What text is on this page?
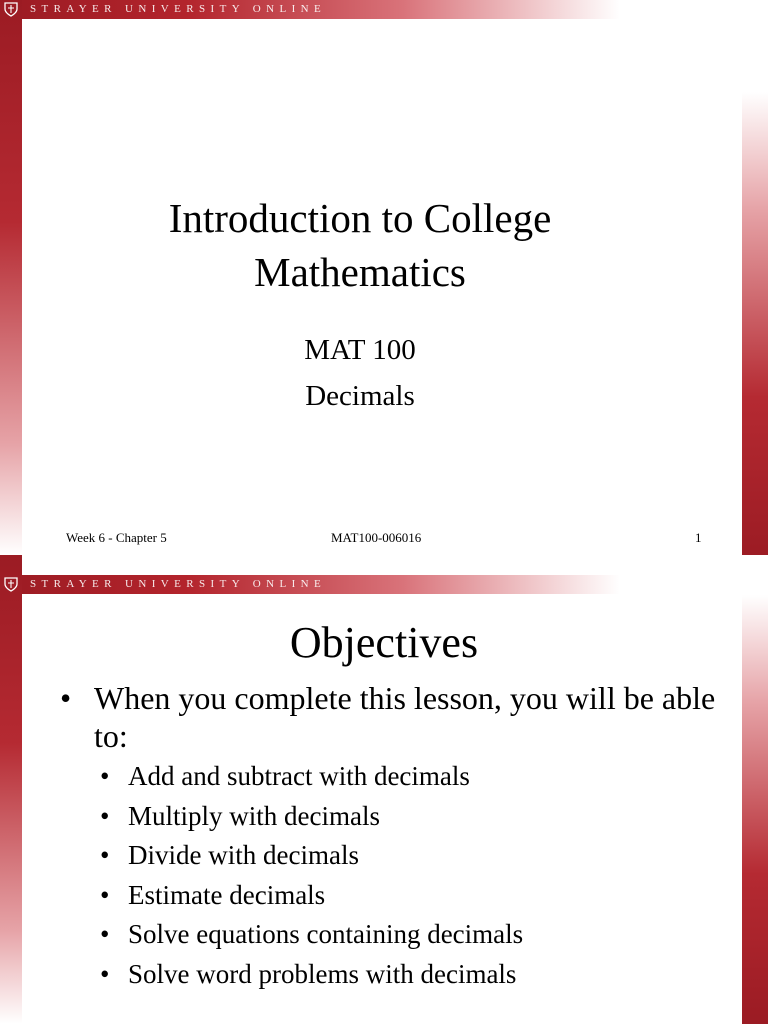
STRAYER UNIVERSITY ONLINE
Introduction to College
Mathematics
MAT 100
Decimals
Week 6 - Chapter 5	MAT100-006016	1
STRAYER UNIVERSITY ONLINE
Objectives
• When you complete this lesson, you will be able to:
• Add and subtract with decimals
• Multiply with decimals
• Divide with decimals
• Estimate decimals
• Solve equations containing decimals
• Solve word problems with decimals
